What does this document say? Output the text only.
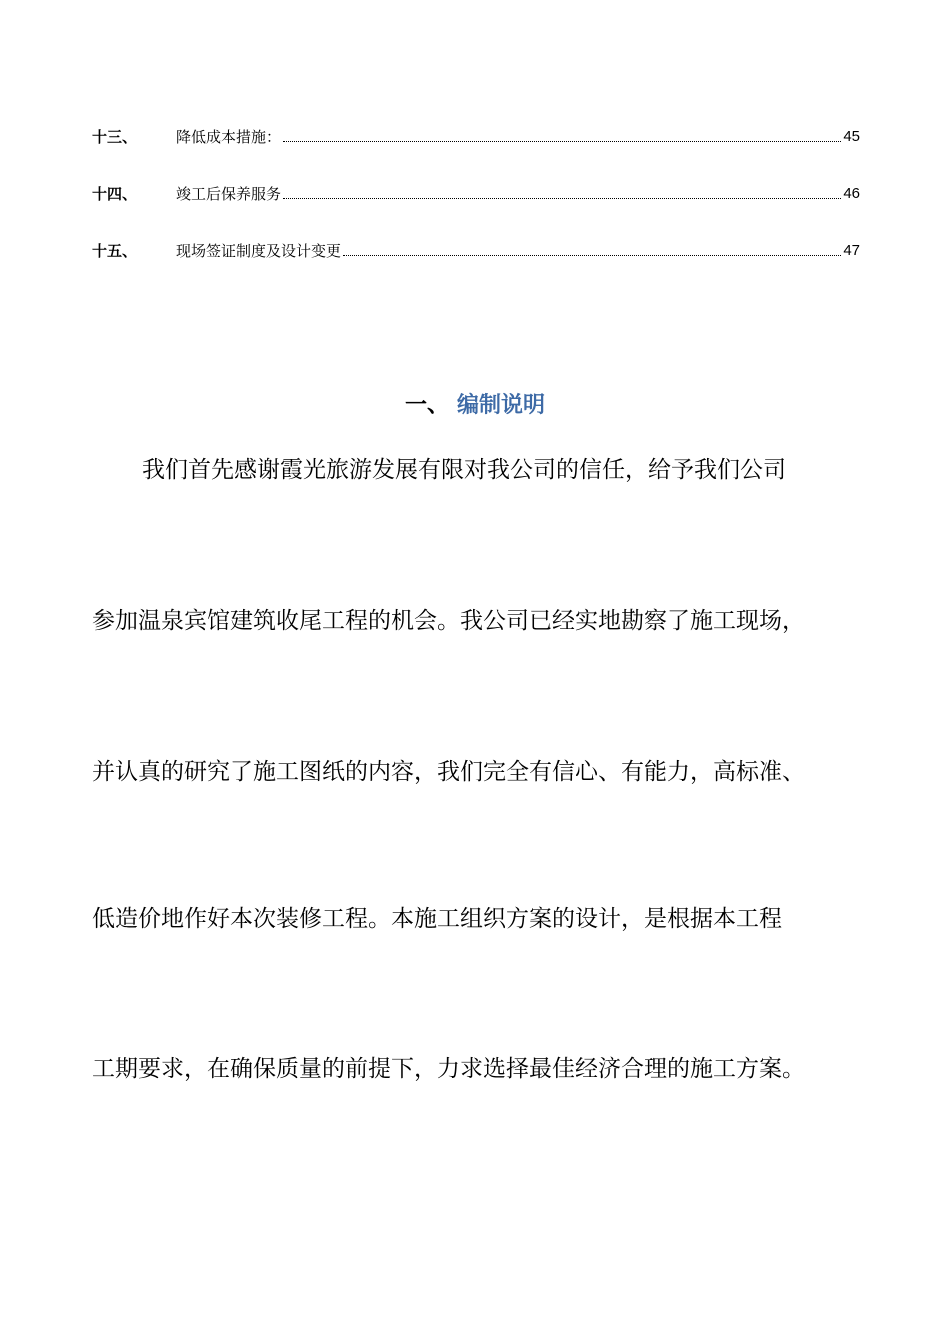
十三、	降低成本措施：	45
十四、	竣工后保养服务	46
十五、	现场签证制度及设计变更	47
一、 编制说明
我们首先感谢霞光旅游发展有限对我公司的信任，给予我们公司
参加温泉宾馆建筑收尾工程的机会。我公司已经实地勘察了施工现场，
并认真的研究了施工图纸的内容，我们完全有信心、有能力，高标准、
低造价地作好本次装修工程。本施工组织方案的设计，是根据本工程
工期要求，在确保质量的前提下，力求选择最佳经济合理的施工方案。
